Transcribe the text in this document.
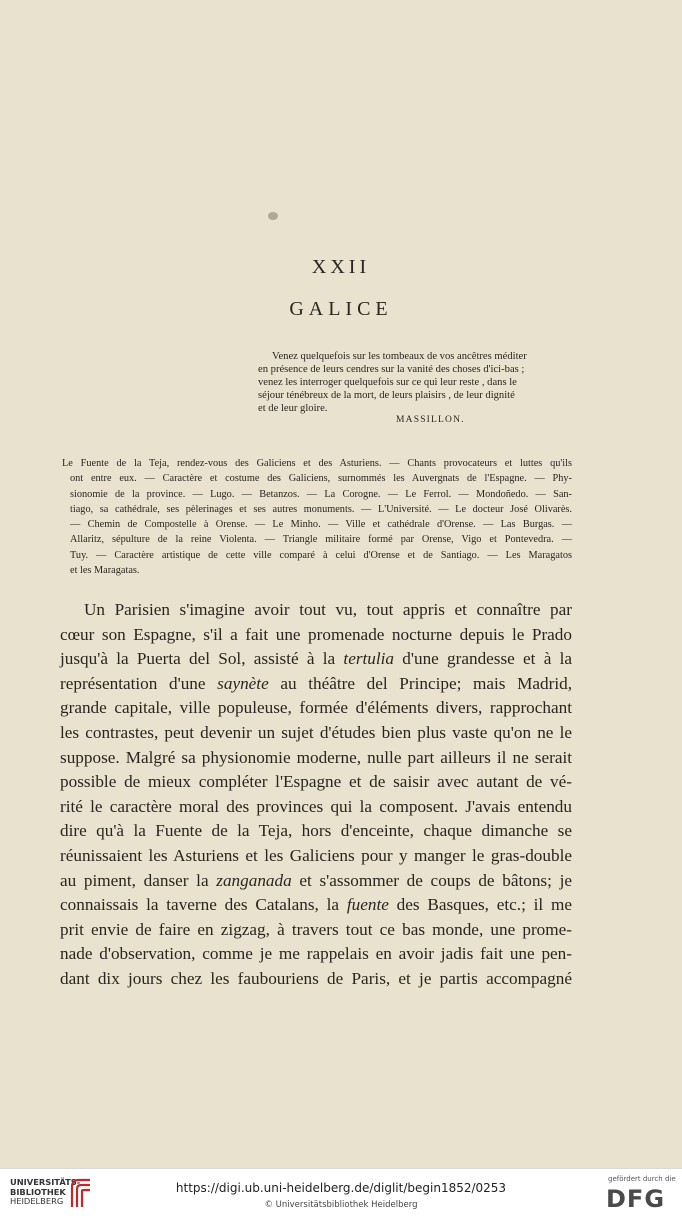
XXII
GALICE
Venez quelquefois sur les tombeaux de vos ancêtres méditer
en présence de leurs cendres sur la vanité des choses d'ici-bas ;
venez les interroger quelquefois sur ce qui leur reste , dans le
séjour ténébreux de la mort, de leurs plaisirs , de leur dignité
et de leur gloire.
MASSILLON.
Le Fuente de la Teja, rendez-vous des Galiciens et des Asturiens. — Chants provocateurs et luttes qu'ils
ont entre eux. — Caractère et costume des Galiciens, surnommés les Auvergnats de l'Espagne. — Phy-
sionomie de la province. — Lugo. — Betanzos. — La Corogne. — Le Ferrol. — Mondoñedo. — San-
tiago, sa cathédrale, ses pèlerinages et ses autres monuments. — L'Université. — Le docteur José Olivarès.
— Chemin de Compostelle à Orense. — Le Minho. — Ville et cathédrale d'Orense. — Las Burgas. —
Allaritz, sépulture de la reine Violenta. — Triangle militaire formé par Orense, Vigo et Pontevedra. —
Tuy. — Caractère artistique de cette ville comparé à celui d'Orense et de Santiago. — Les Maragatos
et les Maragatas.
Un Parisien s'imagine avoir tout vu, tout appris et connaître par
cœur son Espagne, s'il a fait une promenade nocturne depuis le Prado
jusqu'à la Puerta del Sol, assisté à la tertulia d'une grandesse et à la
représentation d'une saynète au théâtre del Principe; mais Madrid,
grande capitale, ville populeuse, formée d'éléments divers, rapprochant
les contrastes, peut devenir un sujet d'études bien plus vaste qu'on ne le
suppose. Malgré sa physionomie moderne, nulle part ailleurs il ne serait
possible de mieux compléter l'Espagne et de saisir avec autant de vé-
rité le caractère moral des provinces qui la composent. J'avais entendu
dire qu'à la Fuente de la Teja, hors d'enceinte, chaque dimanche se
réunissaient les Asturiens et les Galiciens pour y manger le gras-double
au piment, danser la zanganada et s'assommer de coups de bâtons; je
connaissais la taverne des Catalans, la fuente des Basques, etc.; il me
prit envie de faire en zigzag, à travers tout ce bas monde, une prome-
nade d'observation, comme je me rappelais en avoir jadis fait une pen-
dant dix jours chez les faubouriens de Paris, et je partis accompagné
UNIVERSITÄTS-
BIBLIOTHEK
HEIDELBERG
https://digi.ub.uni-heidelberg.de/diglit/begin1852/0253
© Universitätsbibliothek Heidelberg
gefördert durch die
DFG
